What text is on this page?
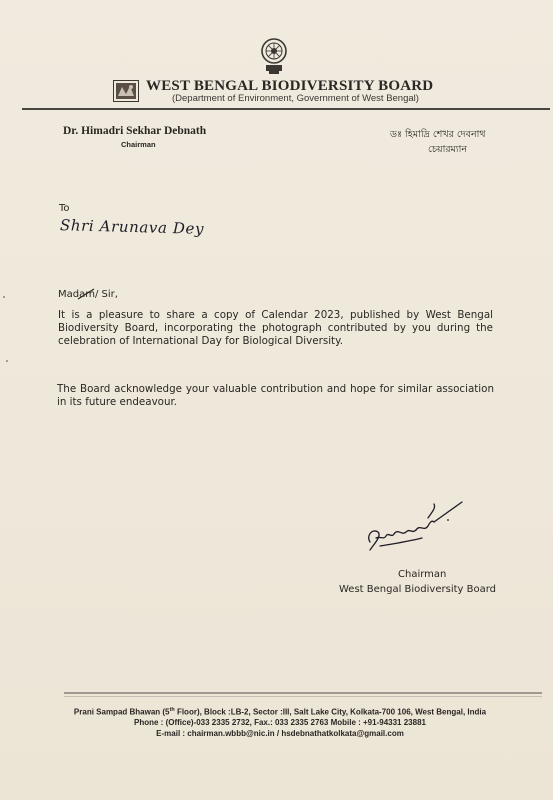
WEST BENGAL BIODIVERSITY BOARD
(Department of Environment, Government of West Bengal)
Dr. Himadri Sekhar Debnath
Chairman
ডঃ হিমাদ্রি শেখর দেবনাথ
চেয়ারম্যান
To
Shri Arunava Dey
Madam/ Sir,

It is a pleasure to share a copy of Calendar 2023, published by West Bengal Biodiversity Board, incorporating the photograph contributed by you during the celebration of International Day for Biological Diversity.

The Board acknowledge your valuable contribution and hope for similar association in its future endeavour.

Chairman
West Bengal Biodiversity Board
Prani Sampad Bhawan (5th Floor), Block :LB-2, Sector :III, Salt Lake City, Kolkata-700 106, West Bengal, India
Phone : (Office)-033 2335 2732, Fax.: 033 2335 2763 Mobile : +91-94331 23881
E-mail : chairman.wbbb@nic.in / hsdebnathatkolkata@gmail.com
